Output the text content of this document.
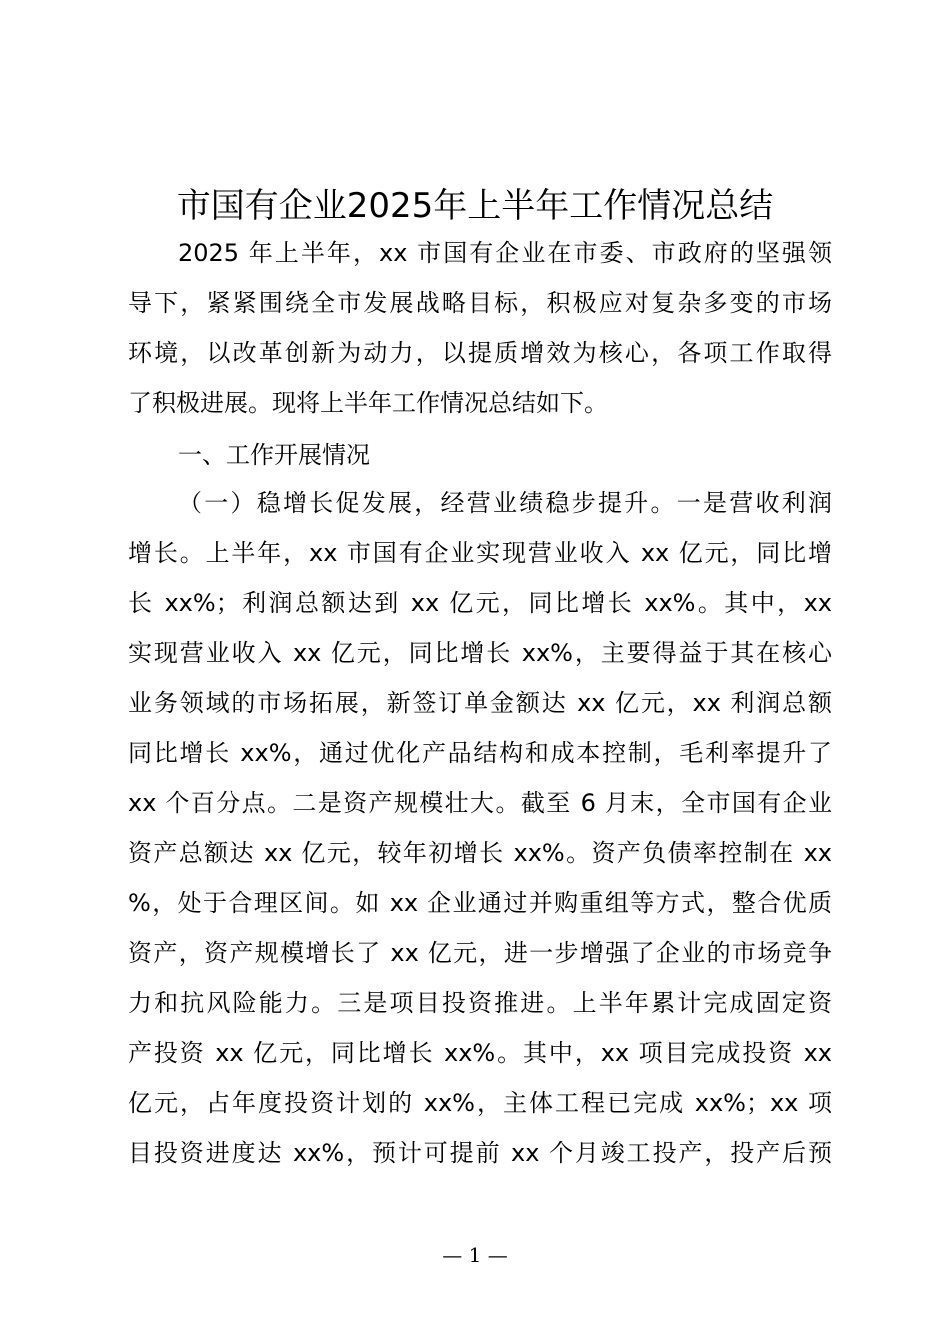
市国有企业2025年上半年工作情况总结
2025 年上半年，xx 市国有企业在市委、市政府的坚强领
导下，紧紧围绕全市发展战略目标，积极应对复杂多变的市场
环境，以改革创新为动力，以提质增效为核心，各项工作取得
了积极进展。现将上半年工作情况总结如下。
一、工作开展情况
（一）稳增长促发展，经营业绩稳步提升。一是营收利润
增长。上半年，xx 市国有企业实现营业收入 xx 亿元，同比增
长 xx%；利润总额达到 xx 亿元，同比增长 xx%。其中，xx
实现营业收入 xx 亿元，同比增长 xx%，主要得益于其在核心
业务领域的市场拓展，新签订单金额达 xx 亿元，xx 利润总额
同比增长 xx%，通过优化产品结构和成本控制，毛利率提升了
xx 个百分点。二是资产规模壮大。截至 6 月末，全市国有企业
资产总额达 xx 亿元，较年初增长 xx%。资产负债率控制在 xx
%，处于合理区间。如 xx 企业通过并购重组等方式，整合优质
资产，资产规模增长了 xx 亿元，进一步增强了企业的市场竞争
力和抗风险能力。三是项目投资推进。上半年累计完成固定资
产投资 xx 亿元，同比增长 xx%。其中，xx 项目完成投资 xx
亿元，占年度投资计划的 xx%，主体工程已完成 xx%；xx 项
目投资进度达 xx%，预计可提前 xx 个月竣工投产，投产后预
— 1 —
